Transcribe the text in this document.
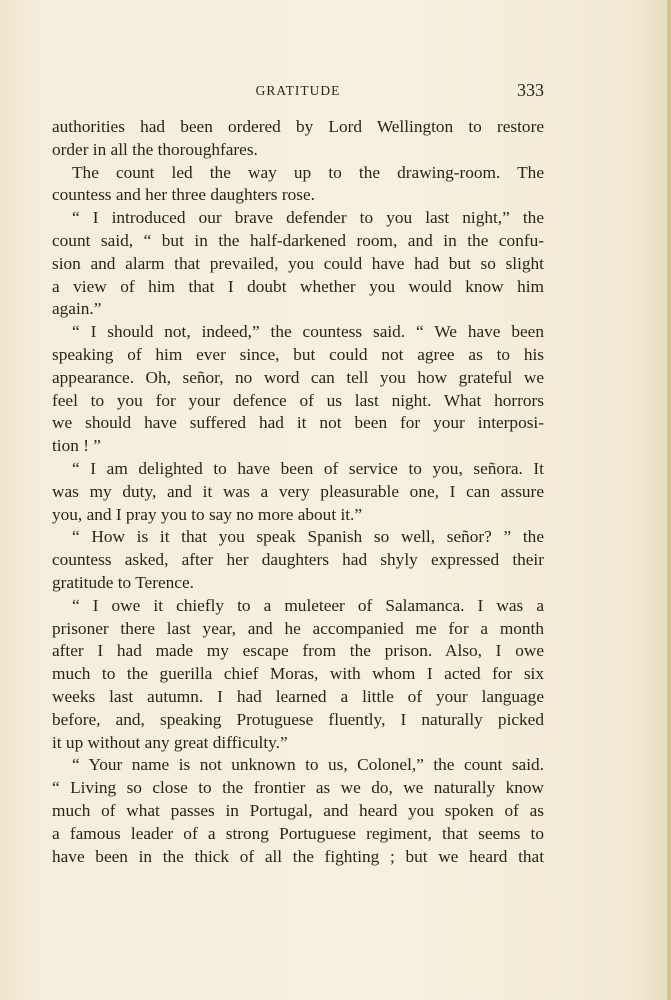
GRATITUDE	333
authorities had been ordered by Lord Wellington to restore
order in all the thoroughfares.
The count led the way up to the drawing-room. The
countess and her three daughters rose.
“ I introduced our brave defender to you last night,” the
count said, “ but in the half-darkened room, and in the confu-
sion and alarm that prevailed, you could have had but so slight
a view of him that I doubt whether you would know him
again.”
“ I should not, indeed,” the countess said. “ We have been
speaking of him ever since, but could not agree as to his
appearance. Oh, señor, no word can tell you how grateful we
feel to you for your defence of us last night. What horrors
we should have suffered had it not been for your interposi-
tion ! ”
“ I am delighted to have been of service to you, señora. It
was my duty, and it was a very pleasurable one, I can assure
you, and I pray you to say no more about it.”
“ How is it that you speak Spanish so well, señor? ” the
countess asked, after her daughters had shyly expressed their
gratitude to Terence.
“ I owe it chiefly to a muleteer of Salamanca. I was a
prisoner there last year, and he accompanied me for a month
after I had made my escape from the prison. Also, I owe
much to the guerilla chief Moras, with whom I acted for six
weeks last autumn. I had learned a little of your language
before, and, speaking Protuguese fluently, I naturally picked
it up without any great difficulty.”
“ Your name is not unknown to us, Colonel,” the count said.
“ Living so close to the frontier as we do, we naturally know
much of what passes in Portugal, and heard you spoken of as
a famous leader of a strong Portuguese regiment, that seems to
have been in the thick of all the fighting ; but we heard that
